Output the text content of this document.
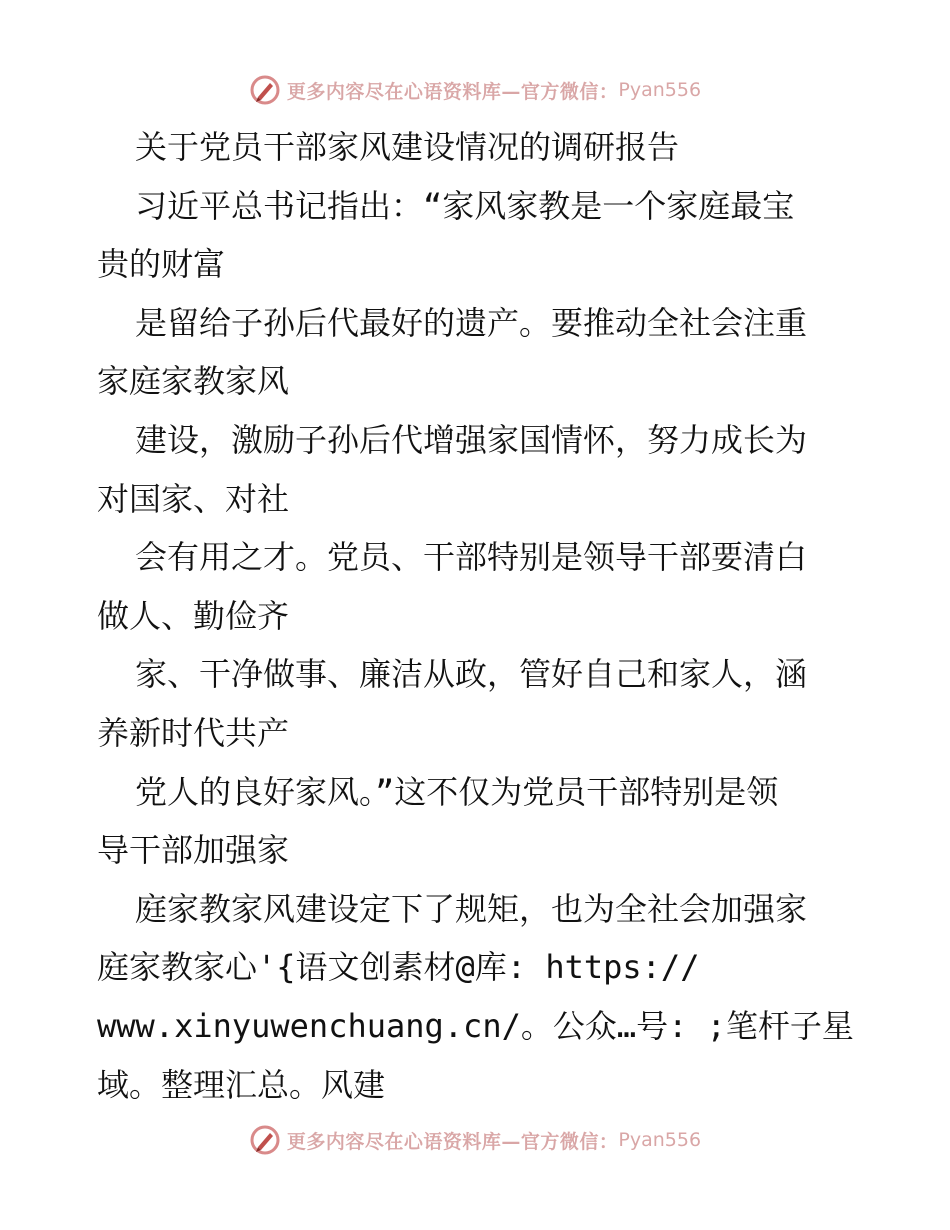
更多内容尽在心语资料库—官方微信： Pyan556
关于党员干部家风建设情况的调研报告
习近平总书记指出：“家风家教是一个家庭最宝
贵的财富
是留给子孙后代最好的遗产。要推动全社会注重
家庭家教家风
建设，激励子孙后代增强家国情怀，努力成长为
对国家、对社
会有用之才。党员、干部特别是领导干部要清白
做人、勤俭齐
家、干净做事、廉洁从政，管好自己和家人，涵
养新时代共产
党人的良好家风。”这不仅为党员干部特别是领
导干部加强家
庭家教家风建设定下了规矩，也为全社会加强家
庭家教家心'{语文创素材@库: https://
www.xinyuwenchuang.cn/。公众…号: ;笔杆子星
域。整理汇总。风建
更多内容尽在心语资料库—官方微信： Pyan556
